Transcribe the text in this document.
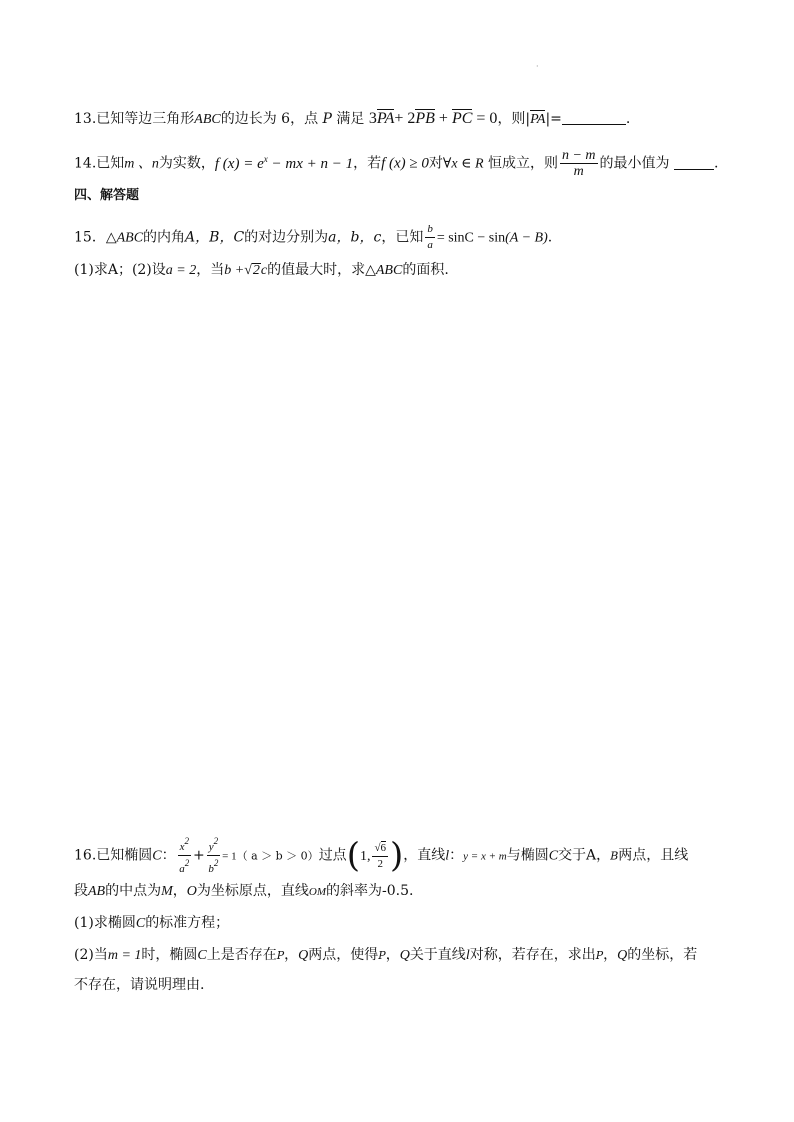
·
13.已知等边三角形ABC的边长为 6，点 P 满足 3PA+ 2PB + PC = 0，则|PA|=	.
14.已知m 、n为实数，f $(x) = e^x$ − mx + n − 1，若f (x) ≥ 0对∀x ∈ R 恒成立，则 $\frac{n - m}{m}$ 的最小值为	.
四、解答题
15．△ABC的内角A，B，C的对边分别为a，b，c，已知 $\frac{b}{a} = \sin C - \sin(A - B)$.
(1)求A；(2)设a = 2，当b +√2c的值最大时，求△ABC的面积.
16.已知椭圆C： $\frac{x^2}{a^2} + \frac{y^2}{b^2} = 1$（ a ＞ b ＞ 0）过点(1, $\frac{√6}{2}$ )，直线l：y = x + m与椭圆C交于A，B两点，且线
段AB的中点为M，O为坐标原点，直线OM的斜率为-0.5.
(1)求椭圆C的标准方程；
(2)当m = 1时，椭圆C上是否存在P，Q两点，使得P，Q关于直线l对称，若存在，求出P，Q的坐标，若
不存在，请说明理由.
